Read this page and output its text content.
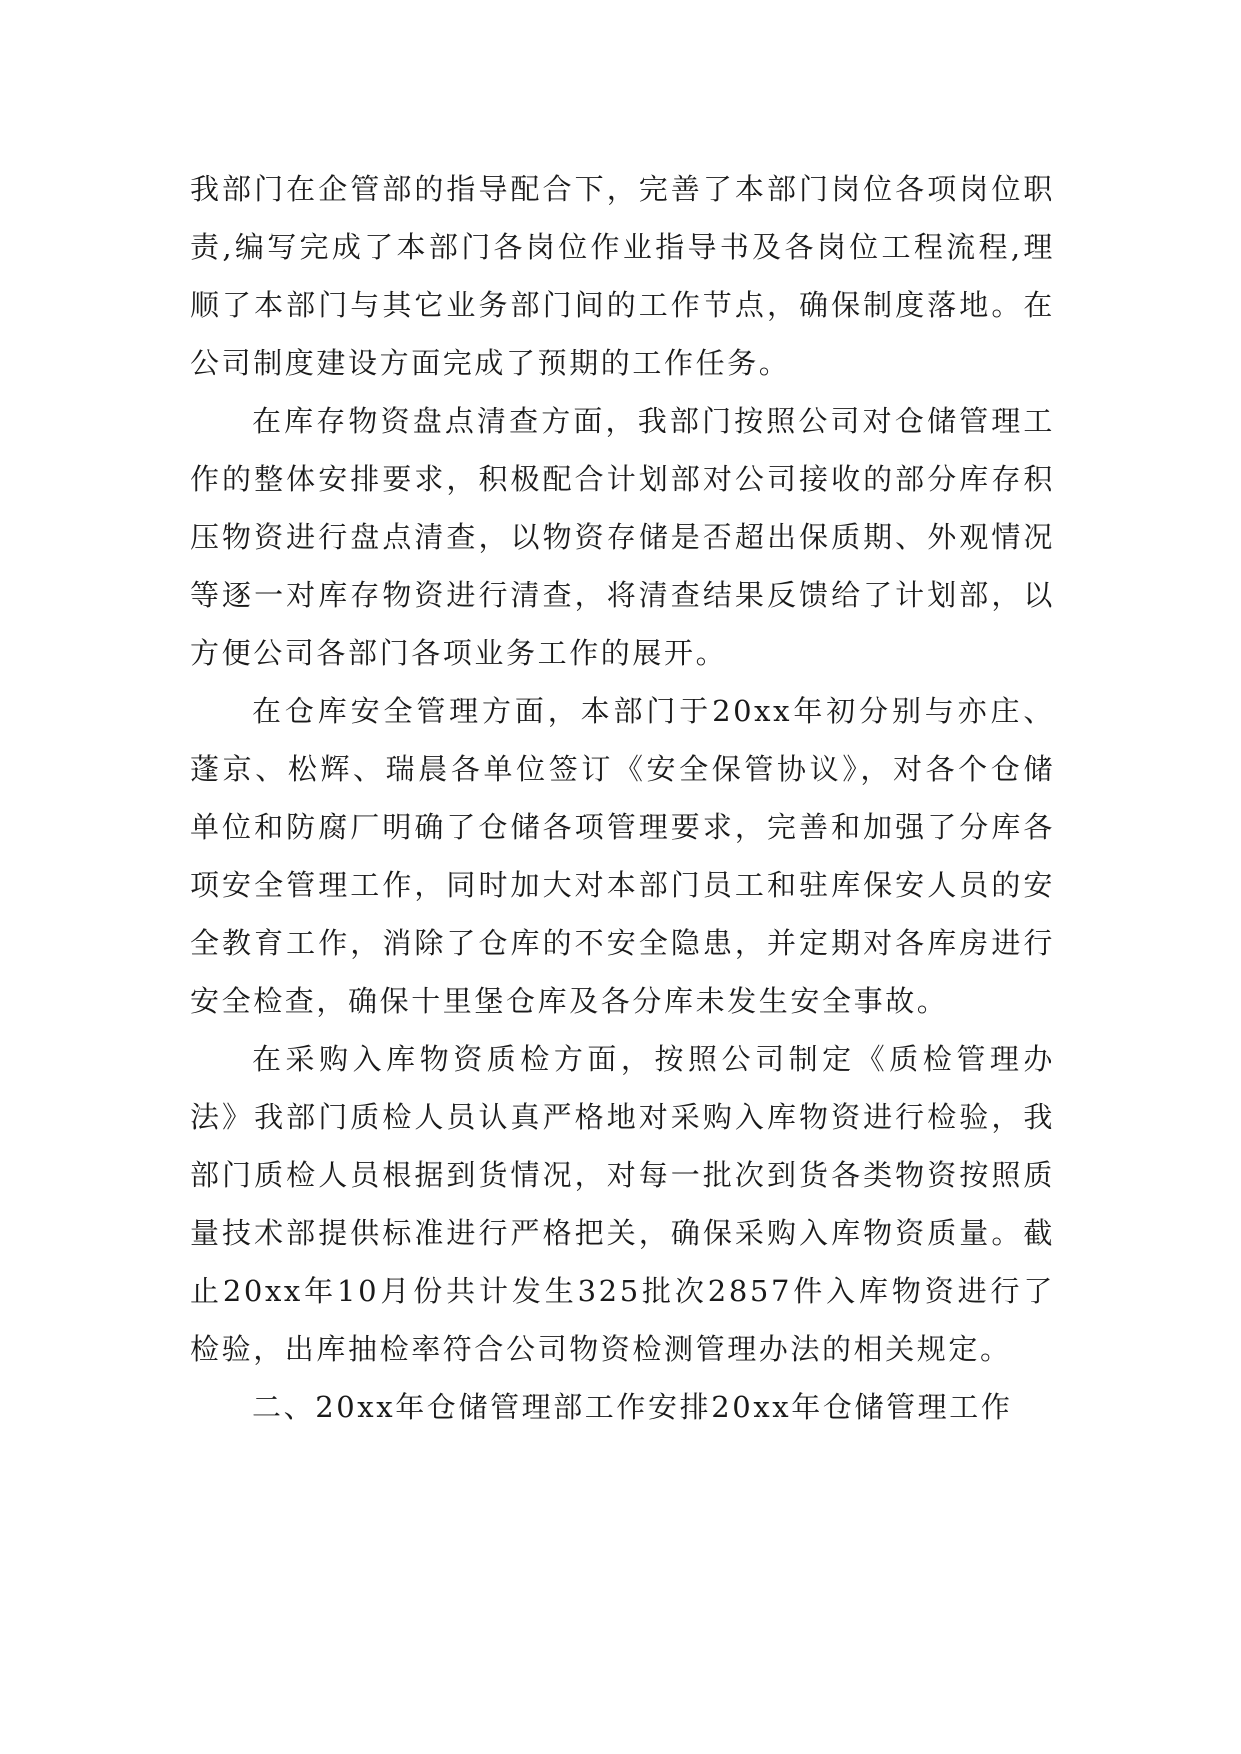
我部门在企管部的指导配合下，完善了本部门岗位各项岗位职责,编写完成了本部门各岗位作业指导书及各岗位工程流程,理顺了本部门与其它业务部门间的工作节点，确保制度落地。在公司制度建设方面完成了预期的工作任务。

在库存物资盘点清查方面，我部门按照公司对仓储管理工作的整体安排要求，积极配合计划部对公司接收的部分库存积压物资进行盘点清查，以物资存储是否超出保质期、外观情况等逐一对库存物资进行清查，将清查结果反馈给了计划部，以方便公司各部门各项业务工作的展开。

在仓库安全管理方面，本部门于20xx年初分别与亦庄、蓬京、松辉、瑞晨各单位签订《安全保管协议》，对各个仓储单位和防腐厂明确了仓储各项管理要求，完善和加强了分库各项安全管理工作，同时加大对本部门员工和驻库保安人员的安全教育工作，消除了仓库的不安全隐患，并定期对各库房进行安全检查，确保十里堡仓库及各分库未发生安全事故。

在采购入库物资质检方面，按照公司制定《质检管理办法》我部门质检人员认真严格地对采购入库物资进行检验，我部门质检人员根据到货情况，对每一批次到货各类物资按照质量技术部提供标准进行严格把关，确保采购入库物资质量。截止20xx年10月份共计发生325批次2857件入库物资进行了检验，出库抽检率符合公司物资检测管理办法的相关规定。

二、20xx年仓储管理部工作安排20xx年仓储管理工作
